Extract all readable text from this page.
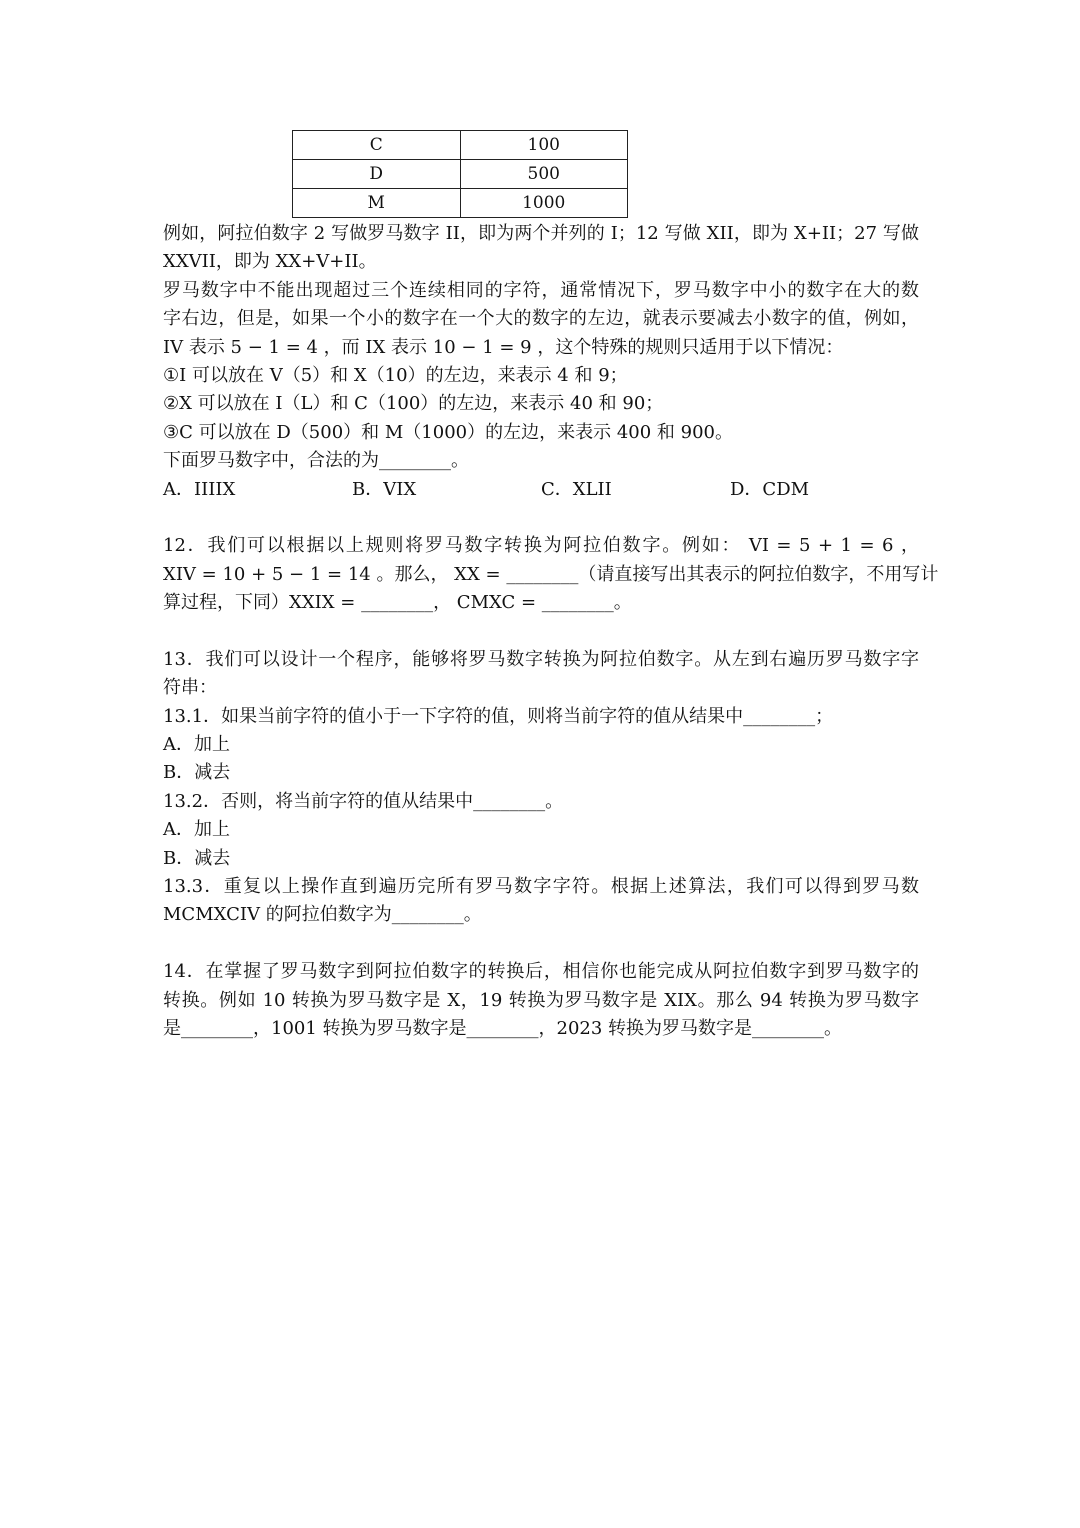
C	100
D	500
M	1000
例如，阿拉伯数字 2 写做罗马数字 II，即为两个并列的 I；12 写做 XII，即为 X+II；27 写做
XXVII，即为 XX+V+II。
罗马数字中不能出现超过三个连续相同的字符，通常情况下，罗马数字中小的数字在大的数
字右边，但是，如果一个小的数字在一个大的数字的左边，就表示要减去小数字的值，例如，
IV 表示 5 − 1 = 4 ，而 IX 表示 10 − 1 = 9 ，这个特殊的规则只适用于以下情况：
①I 可以放在 V（5）和 X（10）的左边，来表示 4 和 9；
②X 可以放在 I（L）和 C（100）的左边，来表示 40 和 90；
③C 可以放在 D（500）和 M（1000）的左边，来表示 400 和 900。
下面罗马数字中，合法的为________。
A．IIIIX	B．VIX	C．XLII	D．CDM
12．我们可以根据以上规则将罗马数字转换为阿拉伯数字。例如： VI = 5 + 1 = 6 ，
XIV = 10 + 5 − 1 = 14 。那么， XX = ________（请直接写出其表示的阿拉伯数字，不用写计
算过程，下同）XXIX = ________， CMXC = ________。
13．我们可以设计一个程序，能够将罗马数字转换为阿拉伯数字。从左到右遍历罗马数字字
符串：
13.1．如果当前字符的值小于一下字符的值，则将当前字符的值从结果中________；
A．加上
B．减去
13.2．否则，将当前字符的值从结果中________。
A．加上
B．减去
13.3．重复以上操作直到遍历完所有罗马数字字符。根据上述算法，我们可以得到罗马数
MCMXCIV 的阿拉伯数字为________。
14．在掌握了罗马数字到阿拉伯数字的转换后，相信你也能完成从阿拉伯数字到罗马数字的
转换。例如 10 转换为罗马数字是 X，19 转换为罗马数字是 XIX。那么 94 转换为罗马数字
是________，1001 转换为罗马数字是________，2023 转换为罗马数字是________。
